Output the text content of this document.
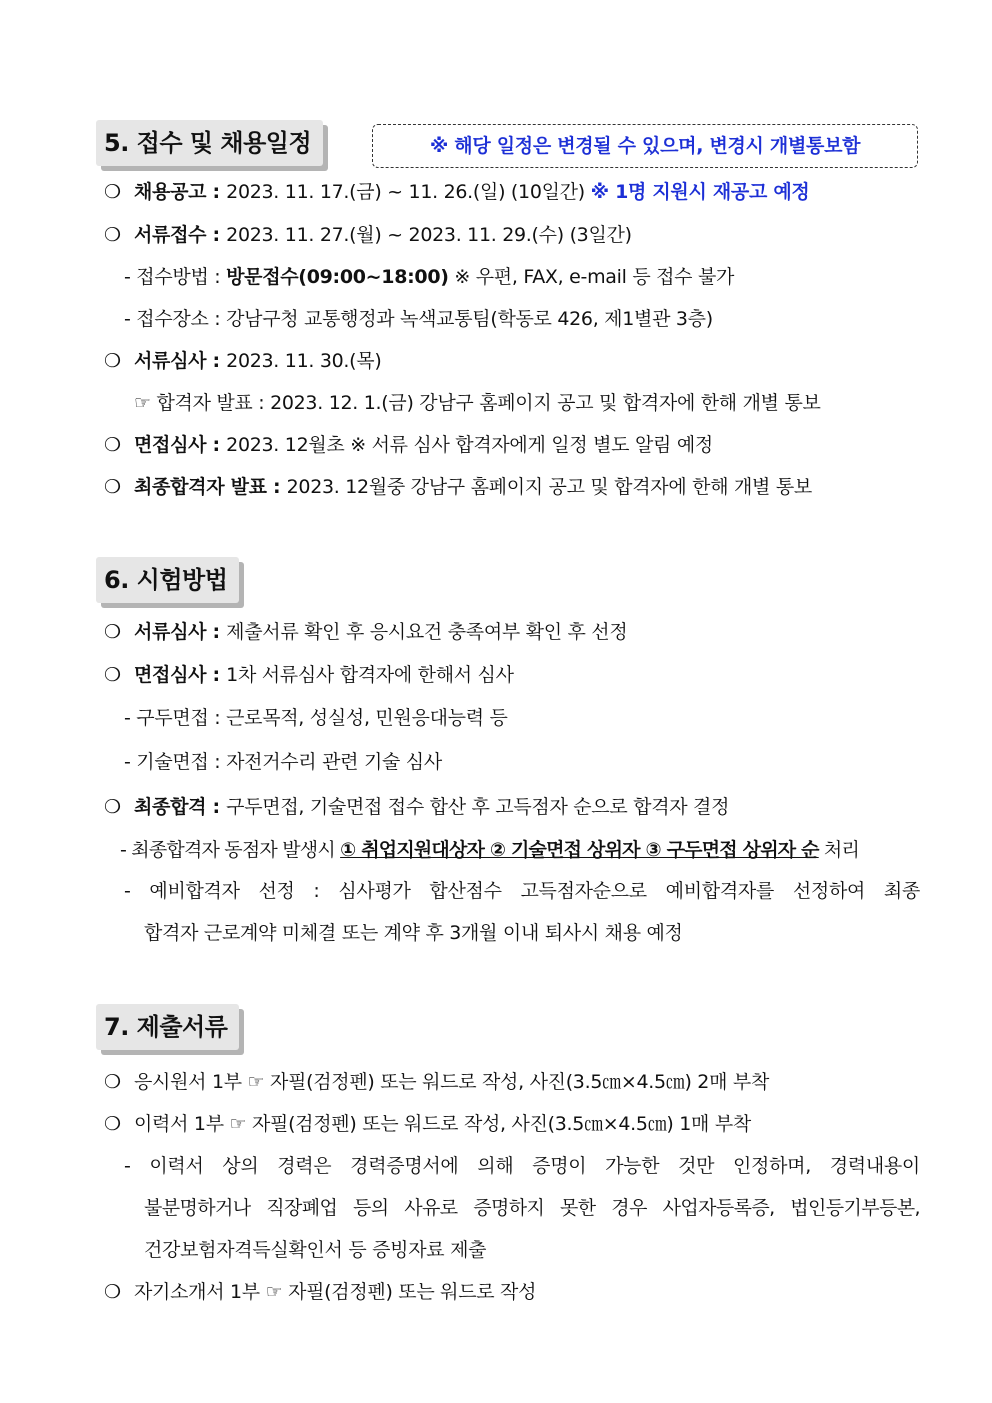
5. 접수 및 채용일정	※ 해당 일정은 변경될 수 있으며, 변경시 개별통보함
❍ 채용공고 : 2023. 11. 17.(금) ~ 11. 26.(일) (10일간) ※ 1명 지원시 재공고 예정
❍ 서류접수 : 2023. 11. 27.(월) ~ 2023. 11. 29.(수) (3일간)
- 접수방법 : 방문접수(09:00~18:00) ※ 우편, FAX, e-mail 등 접수 불가
- 접수장소 : 강남구청 교통행정과 녹색교통팀(학동로 426, 제1별관 3층)
❍ 서류심사 : 2023. 11. 30.(목)
☞ 합격자 발표 : 2023. 12. 1.(금) 강남구 홈페이지 공고 및 합격자에 한해 개별 통보
❍ 면접심사 : 2023. 12월초 ※ 서류 심사 합격자에게 일정 별도 알림 예정
❍ 최종합격자 발표 : 2023. 12월중 강남구 홈페이지 공고 및 합격자에 한해 개별 통보
6. 시험방법
❍ 서류심사 : 제출서류 확인 후 응시요건 충족여부 확인 후 선정
❍ 면접심사 : 1차 서류심사 합격자에 한해서 심사
- 구두면접 : 근로목적, 성실성, 민원응대능력 등
- 기술면접 : 자전거수리 관련 기술 심사
❍ 최종합격 : 구두면접, 기술면접 접수 합산 후 고득점자 순으로 합격자 결정
- 최종합격자 동점자 발생시 ① 취업지원대상자 ② 기술면접 상위자 ③ 구두면접 상위자 순 처리
- 예비합격자 선정 : 심사평가 합산점수 고득점자순으로 예비합격자를 선정하여 최종
합격자 근로계약 미체결 또는 계약 후 3개월 이내 퇴사시 채용 예정
7. 제출서류
❍ 응시원서 1부 ☞ 자필(검정펜) 또는 워드로 작성, 사진(3.5㎝×4.5㎝) 2매 부착
❍ 이력서 1부 ☞ 자필(검정펜) 또는 워드로 작성, 사진(3.5㎝×4.5㎝) 1매 부착
- 이력서 상의 경력은 경력증명서에 의해 증명이 가능한 것만 인정하며, 경력내용이
불분명하거나 직장폐업 등의 사유로 증명하지 못한 경우 사업자등록증, 법인등기부등본,
건강보험자격득실확인서 등 증빙자료 제출
❍ 자기소개서 1부 ☞ 자필(검정펜) 또는 워드로 작성
